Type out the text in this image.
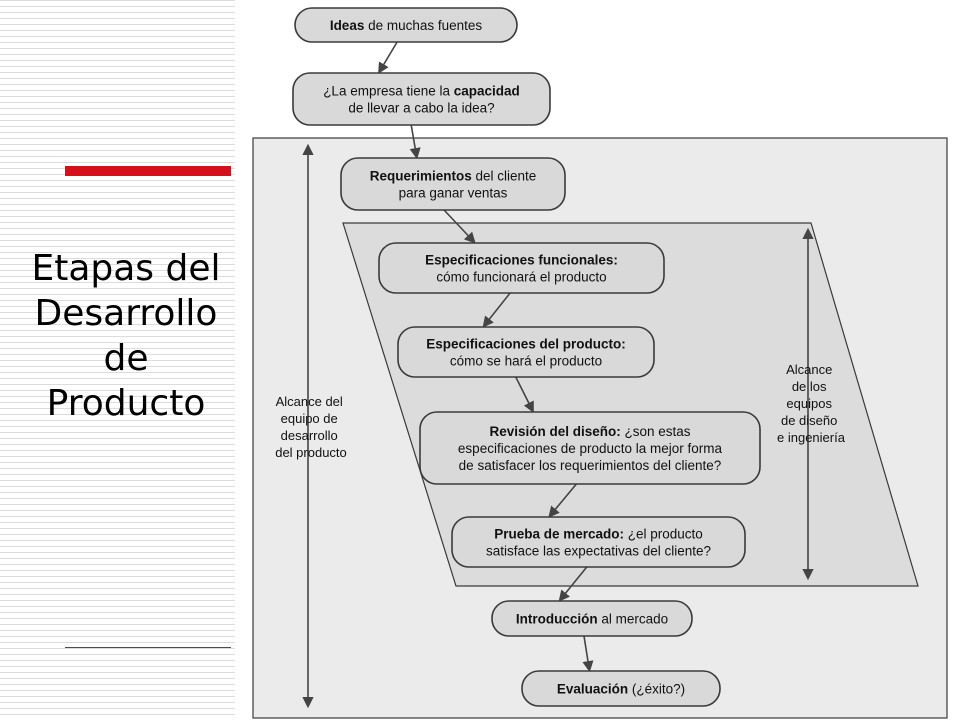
Etapas del
Desarrollo
de
Producto	Alcance del equipo de desarrollo del producto
Alcance de los equipos de diseño e ingeniería
Ideas de muchas fuentes
¿La empresa tiene la capacidad de llevar a cabo la idea?
Requerimientos del cliente para ganar ventas
Especificaciones funcionales: cómo funcionará el producto
Especificaciones del producto: cómo se hará el producto
Revisión del diseño: ¿son estas especificaciones de producto la mejor forma de satisfacer los requerimientos del cliente?
Prueba de mercado: ¿el producto satisface las expectativas del cliente?
Introducción al mercado
Evaluación (¿éxito?)
